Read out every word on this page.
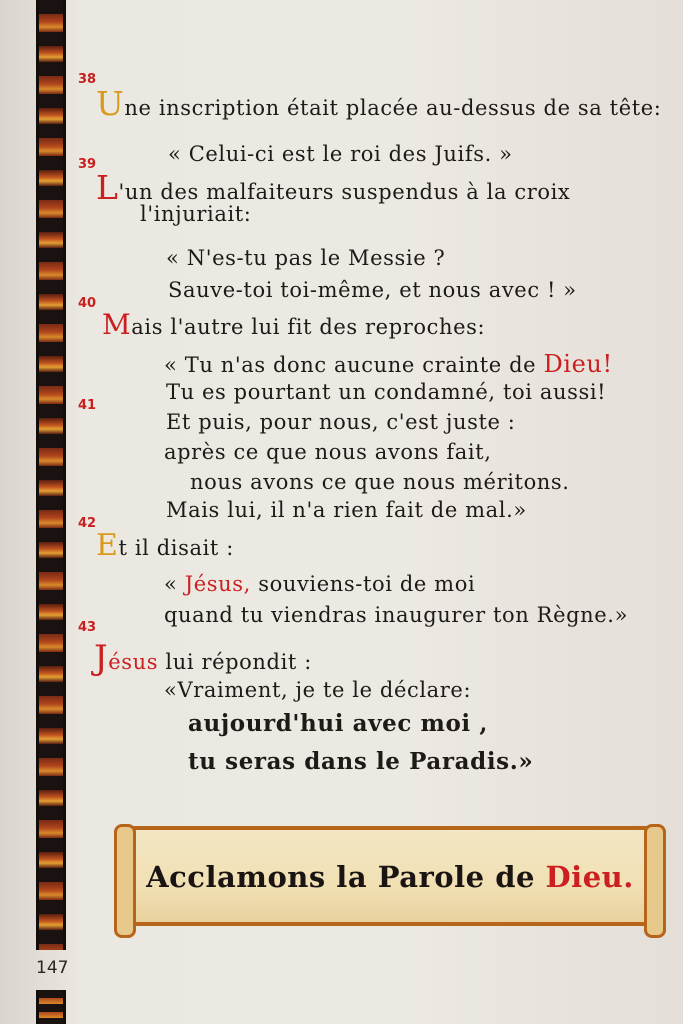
147
38
Une inscription était placée au-dessus de sa tête:
« Celui-ci est le roi des Juifs. »
39
L'un des malfaiteurs suspendus à la croix
l'injuriait:
« N'es-tu pas le Messie ?
Sauve-toi toi-même, et nous avec ! »
40
Mais l'autre lui fit des reproches:
« Tu n'as donc aucune crainte de Dieu!
Tu es pourtant un condamné, toi aussi!
41
Et puis, pour nous, c'est juste :
après ce que nous avons fait,
nous avons ce que nous méritons.
Mais lui, il n'a rien fait de mal.»
42
Et il disait :
« Jésus, souviens-toi de moi
quand tu viendras inaugurer ton Règne.»
43
Jésus lui répondit :
«Vraiment, je te le déclare:
aujourd'hui avec moi ,
tu seras dans le Paradis.»
Acclamons la Parole de Dieu.
